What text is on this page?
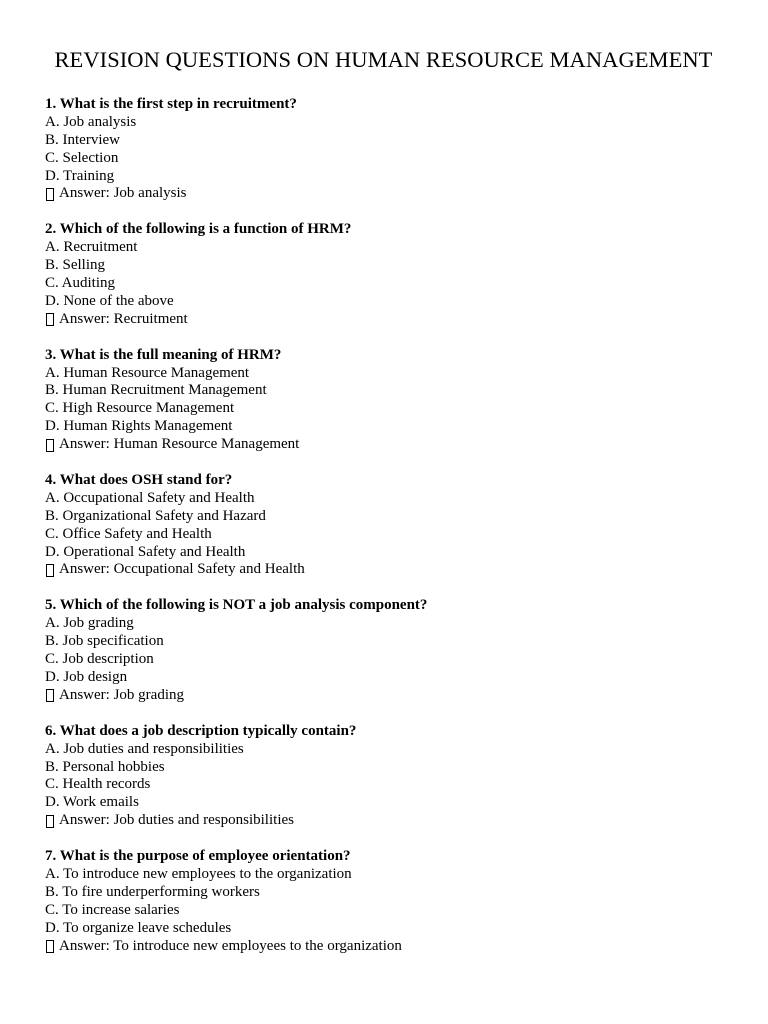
REVISION QUESTIONS ON HUMAN RESOURCE MANAGEMENT
1. What is the first step in recruitment?
A. Job analysis
B. Interview
C. Selection
D. Training
Answer: Job analysis
2. Which of the following is a function of HRM?
A. Recruitment
B. Selling
C. Auditing
D. None of the above
Answer: Recruitment
3. What is the full meaning of HRM?
A. Human Resource Management
B. Human Recruitment Management
C. High Resource Management
D. Human Rights Management
Answer: Human Resource Management
4. What does OSH stand for?
A. Occupational Safety and Health
B. Organizational Safety and Hazard
C. Office Safety and Health
D. Operational Safety and Health
Answer: Occupational Safety and Health
5. Which of the following is NOT a job analysis component?
A. Job grading
B. Job specification
C. Job description
D. Job design
Answer: Job grading
6. What does a job description typically contain?
A. Job duties and responsibilities
B. Personal hobbies
C. Health records
D. Work emails
Answer: Job duties and responsibilities
7. What is the purpose of employee orientation?
A. To introduce new employees to the organization
B. To fire underperforming workers
C. To increase salaries
D. To organize leave schedules
Answer: To introduce new employees to the organization
